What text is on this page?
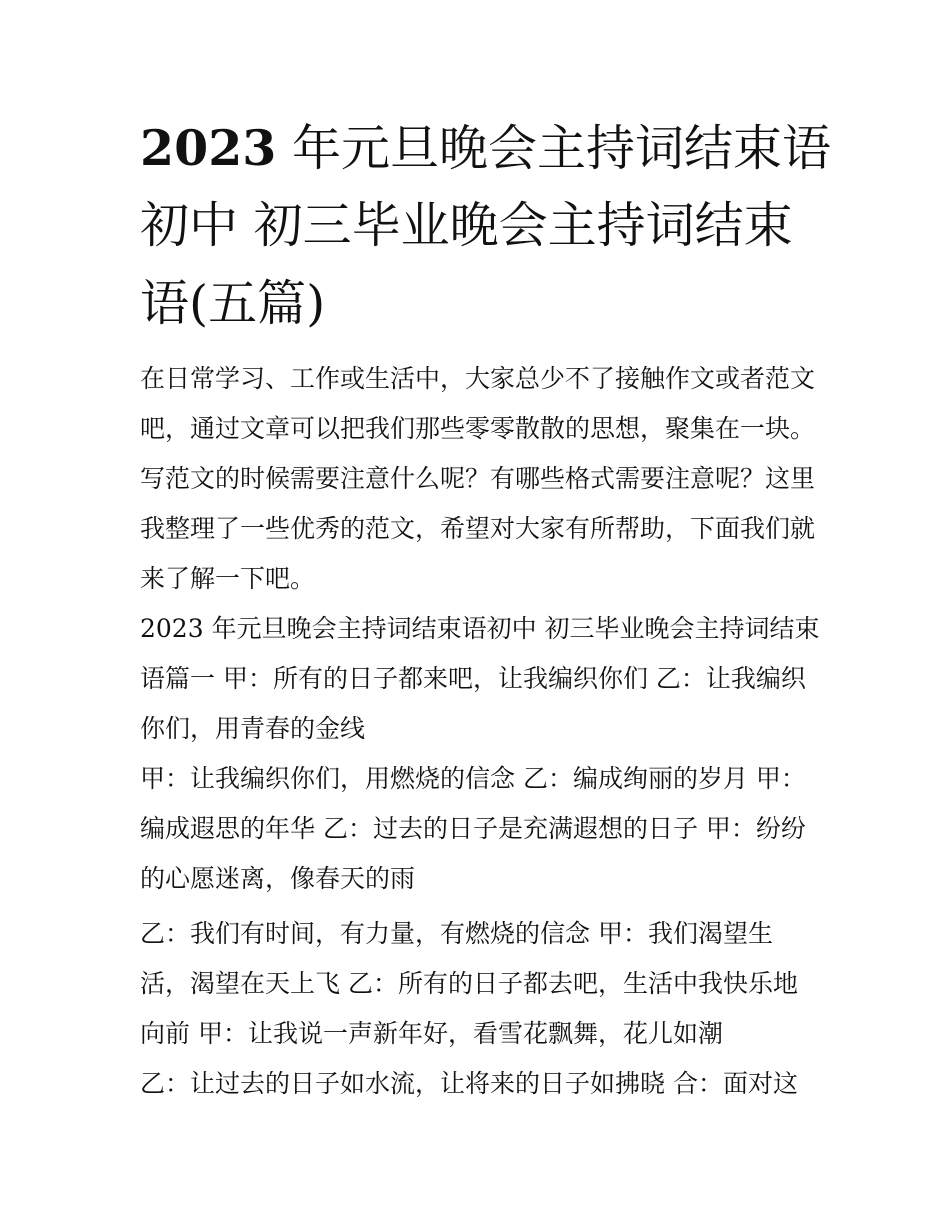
2023 年元旦晚会主持词结束语
初中 初三毕业晚会主持词结束
语(五篇)
在日常学习、工作或生活中，大家总少不了接触作文或者范文
吧，通过文章可以把我们那些零零散散的思想，聚集在一块。
写范文的时候需要注意什么呢？有哪些格式需要注意呢？这里
我整理了一些优秀的范文，希望对大家有所帮助，下面我们就
来了解一下吧。
2023 年元旦晚会主持词结束语初中 初三毕业晚会主持词结束
语篇一 甲：所有的日子都来吧，让我编织你们 乙：让我编织
你们，用青春的金线
甲：让我编织你们，用燃烧的信念 乙：编成绚丽的岁月 甲：
编成遐思的年华 乙：过去的日子是充满遐想的日子 甲：纷纷
的心愿迷离，像春天的雨
乙：我们有时间，有力量，有燃烧的信念 甲：我们渴望生
活，渴望在天上飞 乙：所有的日子都去吧，生活中我快乐地
向前 甲：让我说一声新年好，看雪花飘舞，花儿如潮
乙：让过去的日子如水流，让将来的日子如拂晓 合：面对这
